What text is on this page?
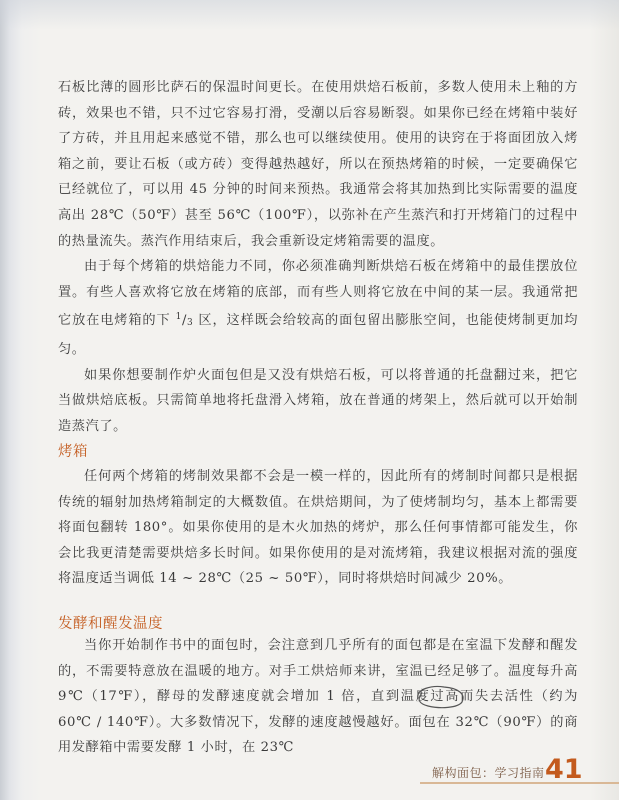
石板比薄的圆形比萨石的保温时间更长。在使用烘焙石板前，多数人使用未上釉的方砖，效果也不错，只不过它容易打滑，受潮以后容易断裂。如果你已经在烤箱中装好了方砖，并且用起来感觉不错，那么也可以继续使用。使用的诀窍在于将面团放入烤箱之前，要让石板（或方砖）变得越热越好，所以在预热烤箱的时候，一定要确保它已经就位了，可以用 45 分钟的时间来预热。我通常会将其加热到比实际需要的温度高出 28℃（50℉）甚至 56℃（100℉），以弥补在产生蒸汽和打开烤箱门的过程中的热量流失。蒸汽作用结束后，我会重新设定烤箱需要的温度。

由于每个烤箱的烘焙能力不同，你必须准确判断烘焙石板在烤箱中的最佳摆放位置。有些人喜欢将它放在烤箱的底部，而有些人则将它放在中间的某一层。我通常把它放在电烤箱的下 $^1/_3$ 区，这样既会给较高的面包留出膨胀空间，也能使烤制更加均匀。

如果你想要制作炉火面包但是又没有烘焙石板，可以将普通的托盘翻过来，把它当做烘焙底板。只需简单地将托盘滑入烤箱，放在普通的烤架上，然后就可以开始制造蒸汽了。

烤箱

任何两个烤箱的烤制效果都不会是一模一样的，因此所有的烤制时间都只是根据传统的辐射加热烤箱制定的大概数值。在烘焙期间，为了使烤制均匀，基本上都需要将面包翻转 180°。如果你使用的是木火加热的烤炉，那么任何事情都可能发生，你会比我更清楚需要烘焙多长时间。如果你使用的是对流烤箱，我建议根据对流的强度将温度适当调低 14 ~ 28℃（25 ~ 50℉），同时将烘焙时间减少 20%。

发酵和醒发温度

当你开始制作书中的面包时，会注意到几乎所有的面包都是在室温下发酵和醒发的，不需要特意放在温暖的地方。对手工烘焙师来讲，室温已经足够了。温度每升高 9℃（17℉），酵母的发酵速度就会增加 1 倍，直到温度过高而失去活性（约为 60℃ / 140℉）。大多数情况下，发酵的速度越慢越好。面包在 32℃（90℉）的商用发酵箱中需要发酵 1 小时，在 23℃

解构面包：学习指南 41
